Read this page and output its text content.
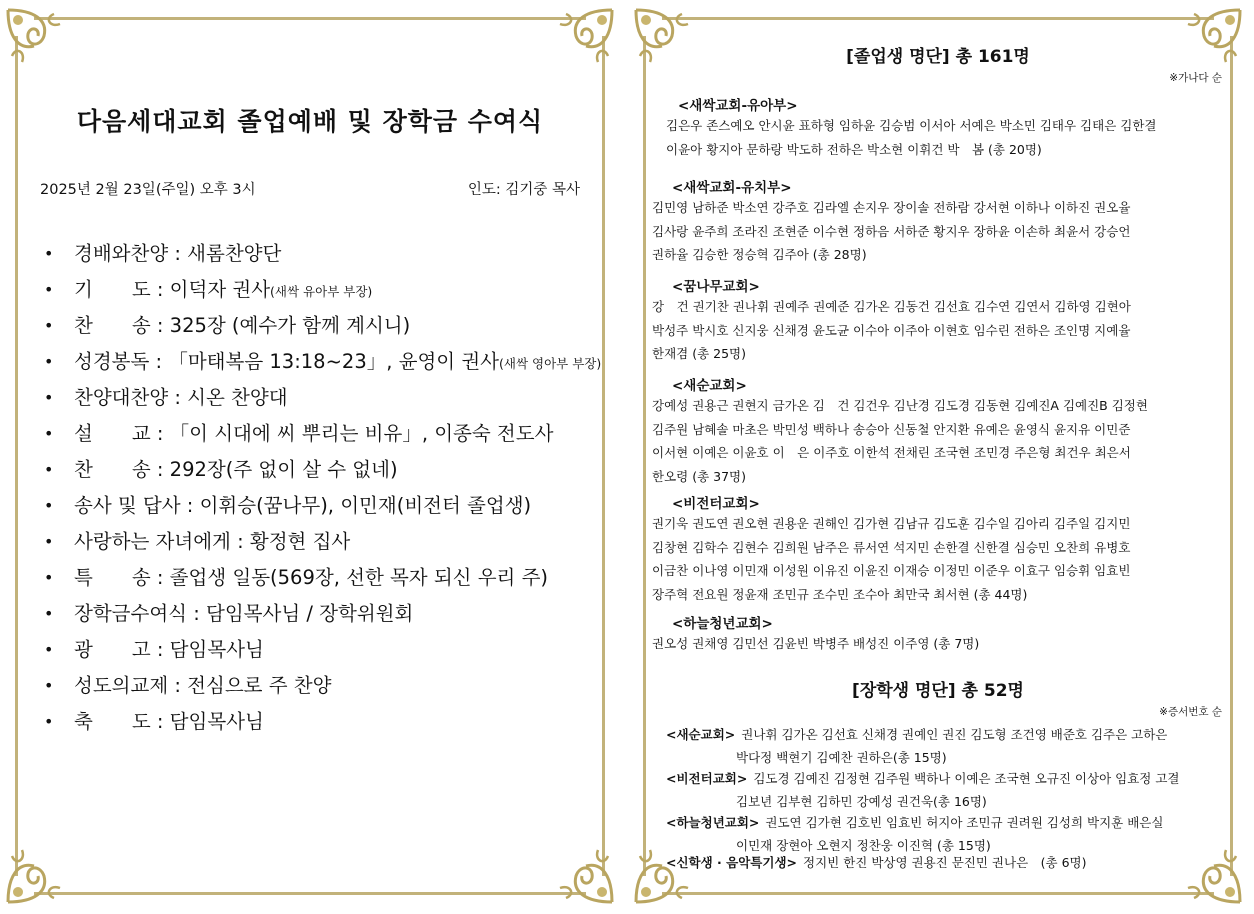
다음세대교회 졸업예배 및 장학금 수여식
2025년 2월 23일(주일) 오후 3시	인도: 김기중 목사
• 경배와찬양 : 새롬찬양단
• 기　　도 : 이덕자 권사(새싹 유아부 부장)
• 찬　　송 : 325장 (예수가 함께 계시니)
• 성경봉독 : 「마태복음 13:18~23」, 윤영이 권사(새싹 영아부 부장)
• 찬양대찬양 : 시온 찬양대
• 설　　교 : 「이 시대에 씨 뿌리는 비유」, 이종숙 전도사
• 찬　　송 : 292장(주 없이 살 수 없네)
• 송사 및 답사 : 이휘승(꿈나무), 이민재(비전터 졸업생)
• 사랑하는 자녀에게 : 황정현 집사
• 특　　송 : 졸업생 일동(569장, 선한 목자 되신 우리 주)
• 장학금수여식 : 담임목사님 / 장학위원회
• 광　　고 : 담임목사님
• 성도의교제 : 전심으로 주 찬양
• 축　　도 : 담임목사님
[졸업생 명단] 총 161명
※가나다 순
<새싹교회-유아부>
김은우 존스예오 안시윤 표하형 임하윤 김승범 이서아 서예은 박소민 김태우 김태은 김한결
이윤아 황지아 문하랑 박도하 전하은 박소현 이휘건 박　봄 (총 20명)
<새싹교회-유치부>
김민영 남하준 박소연 강주호 김라엘 손지우 장이솔 전하람 강서현 이하나 이하진 권오율
김사랑 윤주희 조라진 조현준 이수현 정하음 서하준 황지우 장하윤 이손하 최윤서 강승언
권하율 김승한 정승혁 김주아 (총 28명)
<꿈나무교회>
강　건 권기찬 권나휘 권예주 권예준 김가온 김동건 김선효 김수연 김연서 김하영 김현아
박성주 박시호 신지웅 신채경 윤도균 이수아 이주아 이현호 임수린 전하은 조인명 지예율
한재겸 (총 25명)
<새순교회>
강예성 권용근 권현지 금가온 김　건 김건우 김난경 김도경 김동현 김예진A 김예진B 김정현
김주원 남혜솔 마초은 박민성 백하나 송승아 신동철 안지환 유예은 윤영식 윤지유 이민준
이서현 이예은 이윤호 이　은 이주호 이한석 전채린 조국현 조민경 주은형 최건우 최은서
한오령 (총 37명)
<비전터교회>
권기욱 권도연 권오현 권용운 권해인 김가현 김남규 김도훈 김수일 김아리 김주일 김지민
김창현 김학수 김현수 김희원 남주은 류서연 석지민 손한결 신한결 심승민 오찬희 유병호
이금찬 이나영 이민재 이성원 이유진 이윤진 이재승 이정민 이준우 이효구 임승휘 임효빈
장주혁 전요원 정윤재 조민규 조수민 조수아 최만국 최서현 (총 44명)
<하늘청년교회>
권오성 권채영 김민선 김윤빈 박병주 배성진 이주영 (총 7명)
[장학생 명단] 총 52명
※증서번호 순
<새순교회> 권나휘 김가온 김선효 신채경 권예인 권진 김도형 조건영 배준호 김주은 고하은
박다정 백현기 김예찬 권하은(총 15명)
<비전터교회> 김도경 김예진 김정현 김주원 백하나 이예은 조국현 오규진 이상아 임효정 고결
김보년 김부현 김하민 강예성 권건욱(총 16명)
<하늘청년교회> 권도연 김가현 김호빈 임효빈 허지아 조민규 권려원 김성희 박지훈 배은실
이민재 장현아 오현지 정찬웅 이진혁 (총 15명)
<신학생 · 음악특기생> 정지빈 한진 박상영 권용진 문진민 권나은　(총 6명)
